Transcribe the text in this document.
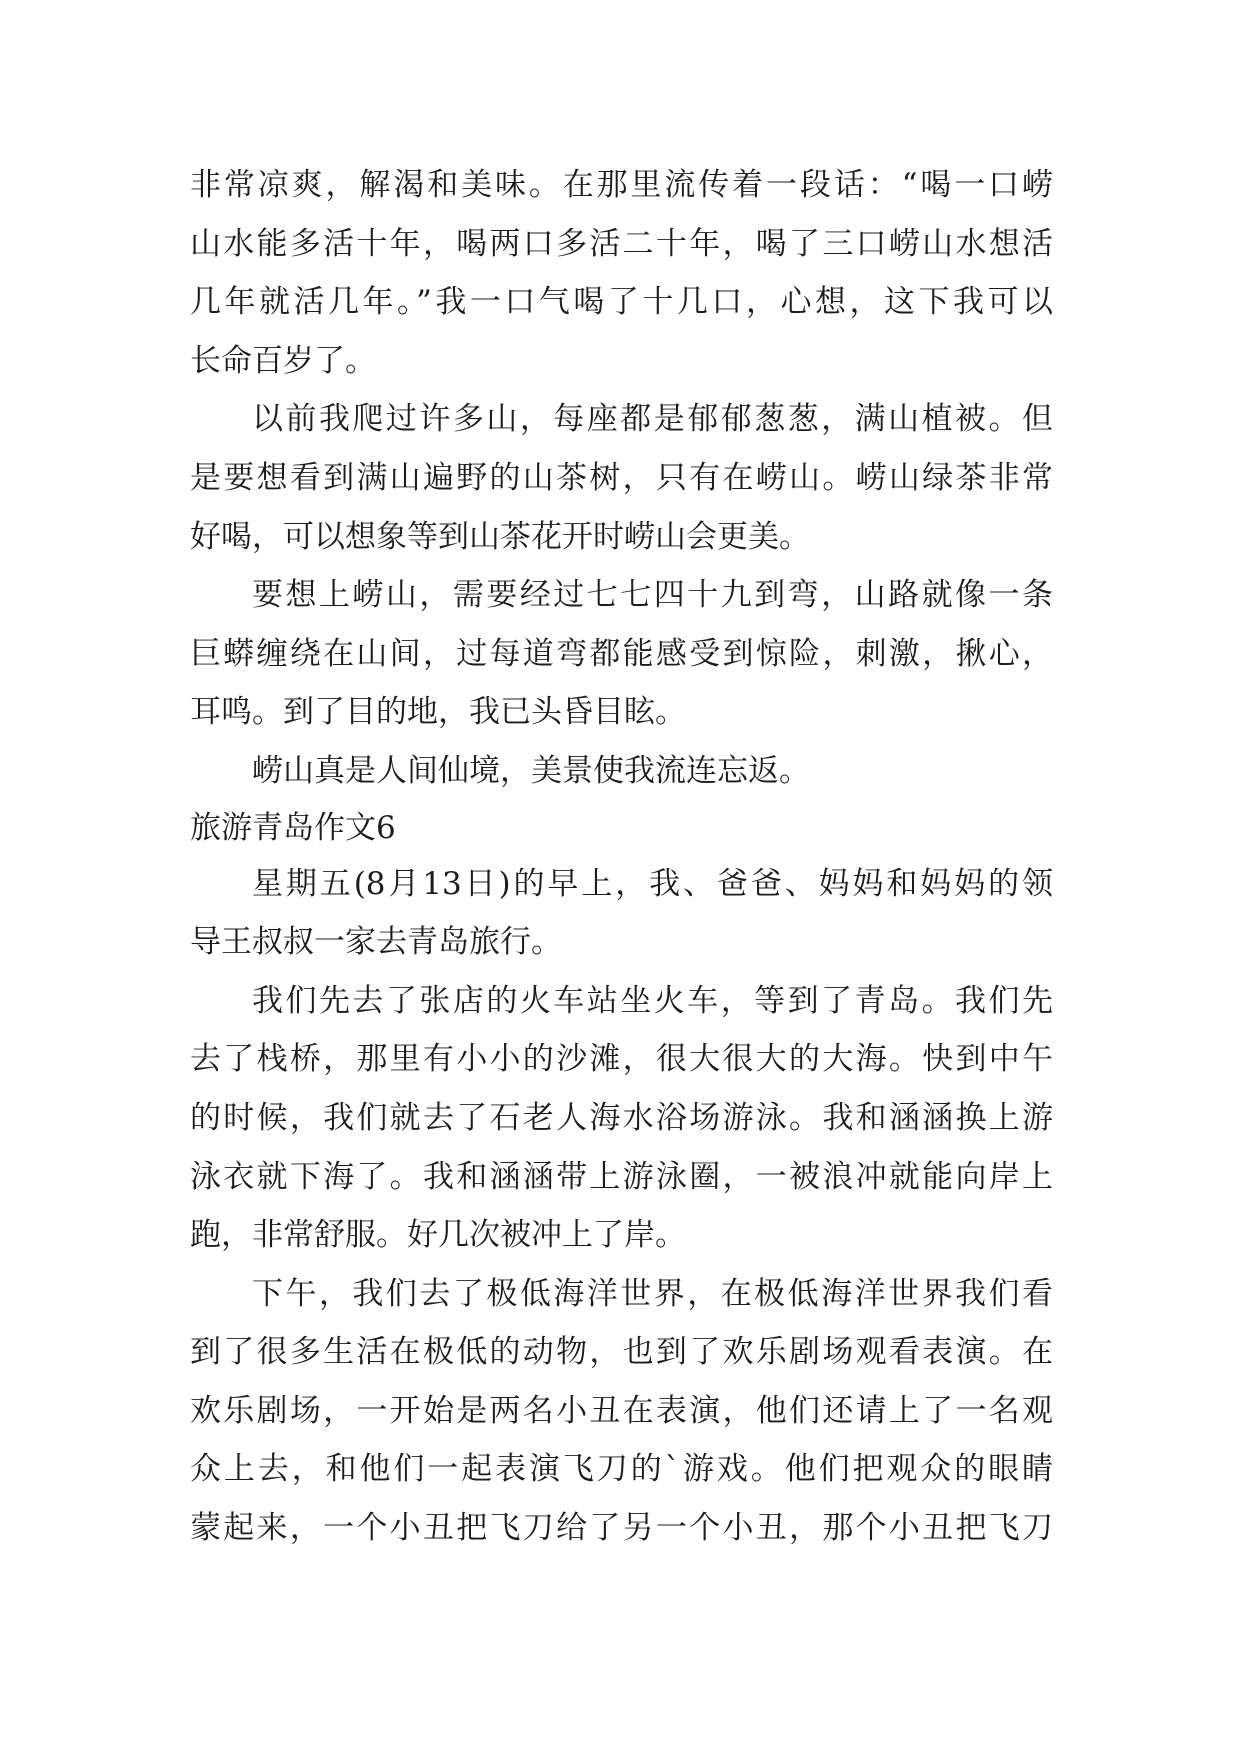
非常凉爽，解渴和美味。在那里流传着一段话：“喝一口崂
山水能多活十年，喝两口多活二十年，喝了三口崂山水想活
几年就活几年。”我一口气喝了十几口，心想，这下我可以
长命百岁了。
以前我爬过许多山，每座都是郁郁葱葱，满山植被。但
是要想看到满山遍野的山茶树，只有在崂山。崂山绿茶非常
好喝，可以想象等到山茶花开时崂山会更美。
要想上崂山，需要经过七七四十九到弯，山路就像一条
巨蟒缠绕在山间，过每道弯都能感受到惊险，刺激，揪心，
耳鸣。到了目的地，我已头昏目眩。
崂山真是人间仙境，美景使我流连忘返。
旅游青岛作文6
星期五(8月13日)的早上，我、爸爸、妈妈和妈妈的领
导王叔叔一家去青岛旅行。
我们先去了张店的火车站坐火车，等到了青岛。我们先
去了栈桥，那里有小小的沙滩，很大很大的大海。快到中午
的时候，我们就去了石老人海水浴场游泳。我和涵涵换上游
泳衣就下海了。我和涵涵带上游泳圈，一被浪冲就能向岸上
跑，非常舒服。好几次被冲上了岸。
下午，我们去了极低海洋世界，在极低海洋世界我们看
到了很多生活在极低的动物，也到了欢乐剧场观看表演。在
欢乐剧场，一开始是两名小丑在表演，他们还请上了一名观
众上去，和他们一起表演飞刀的`游戏。他们把观众的眼睛
蒙起来，一个小丑把飞刀给了另一个小丑，那个小丑把飞刀
